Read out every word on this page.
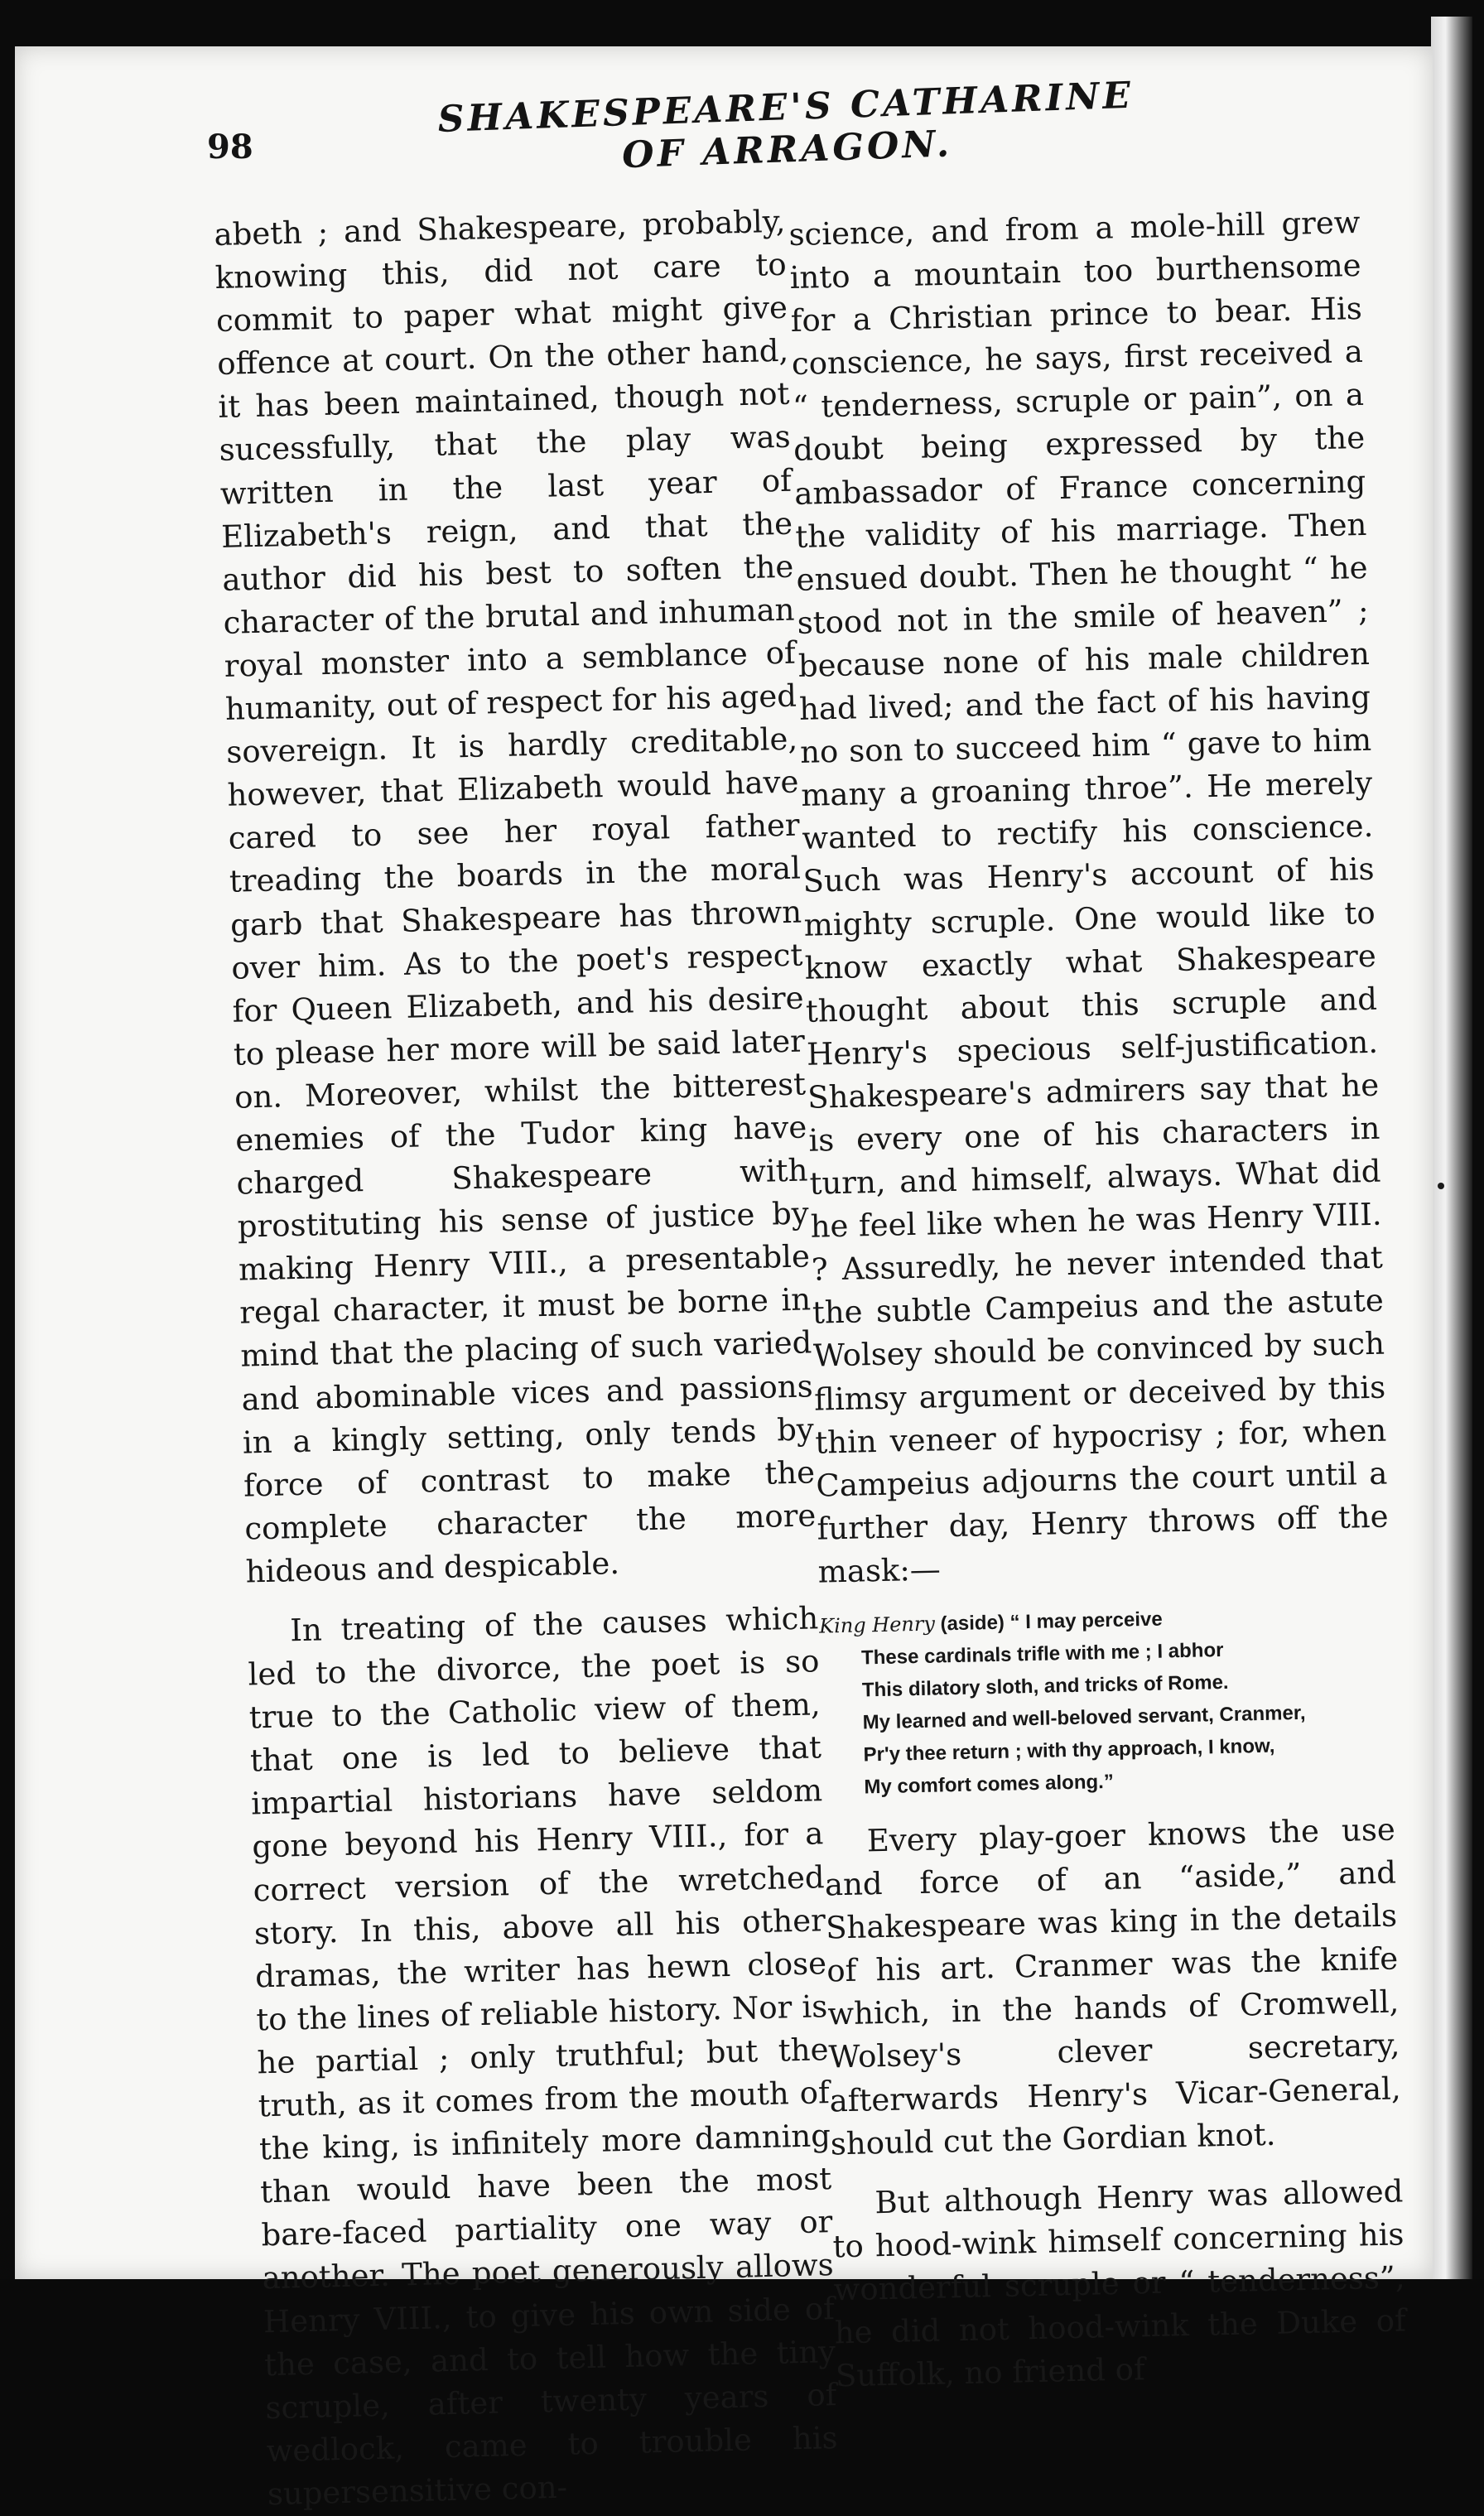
98
SHAKESPEARE'S CATHARINE OF ARRAGON.

abeth ; and Shakespeare, probably, knowing this, did not care to commit to paper what might give offence at court. On the other hand, it has been maintained, though not sucessfully, that the play was written in the last year of Elizabeth's reign, and that the author did his best to soften the character of the brutal and inhuman royal monster into a semblance of humanity, out of respect for his aged sovereign. It is hardly creditable, however, that Elizabeth would have cared to see her royal father treading the boards in the moral garb that Shakespeare has thrown over him. As to the poet's respect for Queen Elizabeth, and his desire to please her more will be said later on. Moreover, whilst the bitterest enemies of the Tudor king have charged Shakespeare with prostituting his sense of justice by making Henry VIII., a presentable regal character, it must be borne in mind that the placing of such varied and abominable vices and passions in a kingly setting, only tends by force of contrast to make the complete character the more hideous and despicable.

In treating of the causes which led to the divorce, the poet is so true to the Catholic view of them, that one is led to believe that impartial historians have seldom gone beyond his Henry VIII., for a correct version of the wretched story. In this, above all his other dramas, the writer has hewn close to the lines of reliable history. Nor is he partial ; only truthful; but the truth, as it comes from the mouth of the king, is infinitely more damning than would have been the most bare-faced partiality one way or another. The poet generously allows Henry VIII., to give his own side of the case, and to tell how the tiny scruple, after twenty years of wedlock, came to trouble his supersensitive con-

science, and from a mole-hill grew into a mountain too burthensome for a Christian prince to bear. His conscience, he says, first received a “ tenderness, scruple or pain”, on a doubt being expressed by the ambassador of France concerning the validity of his marriage. Then ensued doubt. Then he thought “ he stood not in the smile of heaven” ; because none of his male children had lived; and the fact of his having no son to succeed him “ gave to him many a groaning throe”. He merely wanted to rectify his conscience. Such was Henry's account of his mighty scruple. One would like to know exactly what Shakespeare thought about this scruple and Henry's specious self-justification. Shakespeare's admirers say that he is every one of his characters in turn, and himself, always. What did he feel like when he was Henry VIII. ? Assuredly, he never intended that the subtle Campeius and the astute Wolsey should be convinced by such flimsy argument or deceived by this thin veneer of hypocrisy ; for, when Campeius adjourns the court until a further day, Henry throws off the mask:—

King Henry (aside) “ I may perceive
These cardinals trifle with me ; I abhor
This dilatory sloth, and tricks of Rome.
My learned and well-beloved servant, Cranmer,
Pr'y thee return ; with thy approach, I know,
My comfort comes along.”

Every play-goer knows the use and force of an “aside,” and Shakespeare was king in the details of his art. Cranmer was the knife which, in the hands of Cromwell, Wolsey's clever secretary, afterwards Henry's Vicar-General, should cut the Gordian knot.

But although Henry was allowed to hood-wink himself concerning his wonderful scruple or “ tenderness”, he did not hood-wink the Duke of Suffolk, no friend of
